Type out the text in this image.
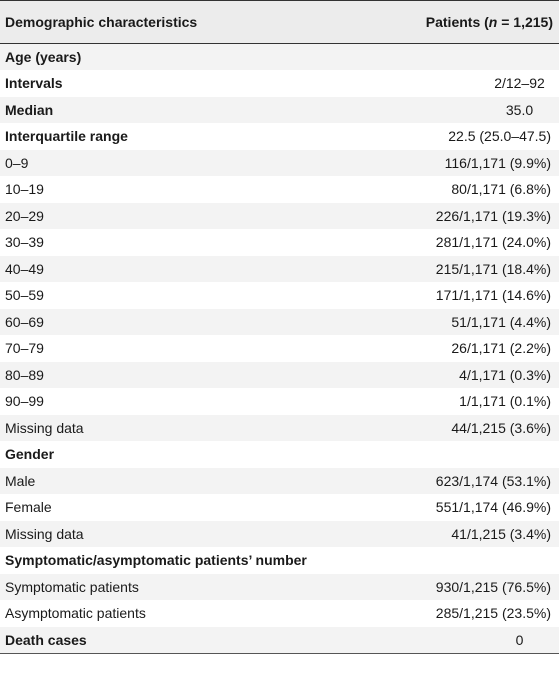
Demographic characteristics	Patients (n = 1,215)
Age (years)	
Intervals	2/12–92
Median	35.0
Interquartile range	22.5 (25.0–47.5)
0–9	116/1,171 (9.9%)
10–19	80/1,171 (6.8%)
20–29	226/1,171 (19.3%)
30–39	281/1,171 (24.0%)
40–49	215/1,171 (18.4%)
50–59	171/1,171 (14.6%)
60–69	51/1,171 (4.4%)
70–79	26/1,171 (2.2%)
80–89	4/1,171 (0.3%)
90–99	1/1,171 (0.1%)
Missing data	44/1,215 (3.6%)
Gender	
Male	623/1,174 (53.1%)
Female	551/1,174 (46.9%)
Missing data	41/1,215 (3.4%)
Symptomatic/asymptomatic patients’ number	
Symptomatic patients	930/1,215 (76.5%)
Asymptomatic patients	285/1,215 (23.5%)
Death cases	0
